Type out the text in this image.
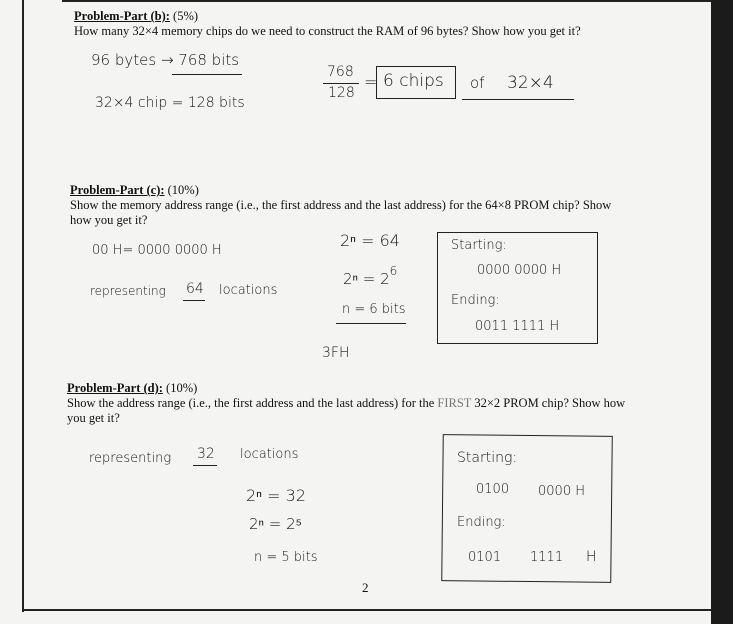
Problem-Part (b): (5%)
How many 32×4 memory chips do we need to construct the RAM of 96 bytes? Show how you get it?
96 bytes → 768 bits
32×4 chip = 128 bits
768
128
= 6 chips of 32×4
Problem-Part (c): (10%)
Show the memory address range (i.e., the first address and the last address) for the 64×8 PROM chip? Show
how you get it?
00 H= 0000 0000 H
representing 64 locations
2ⁿ = 64
$2^n = 2^6$
n = 6 bits
3FH
Starting:
0000 0000 H
Ending:
0011 1111 H
Problem-Part (d): (10%)
Show the address range (i.e., the first address and the last address) for the FIRST 32×2 PROM chip? Show how
you get it?
representing 32 locations
2ⁿ = 32
2ⁿ = 2⁵
n = 5 bits
Starting:
0100 0000 H
Ending:
0101 1111 H
2
